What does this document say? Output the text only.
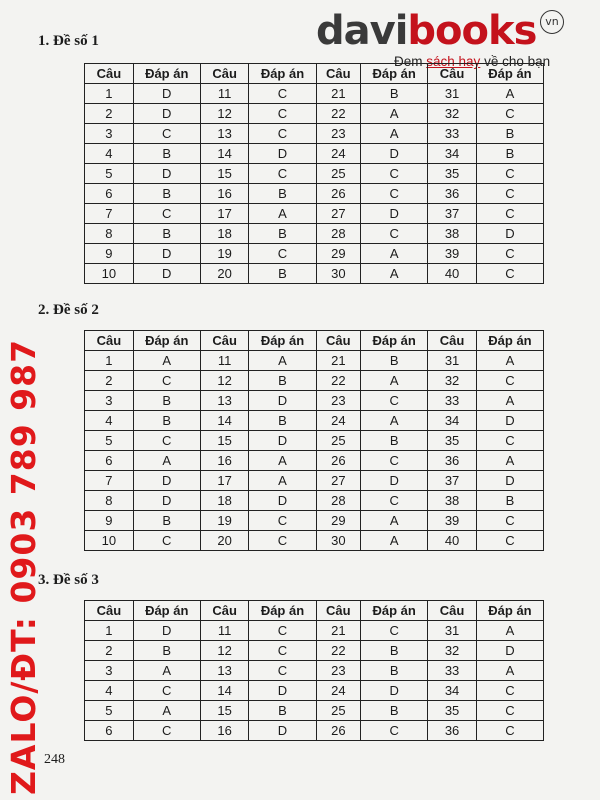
davibooks vn
Đem sách hay về cho bạn
1. Đề số 1
Câu	Đáp án	Câu	Đáp án	Câu	Đáp án	Câu	Đáp án
1	D	11	C	21	B	31	A
2	D	12	C	22	A	32	C
3	C	13	C	23	A	33	B
4	B	14	D	24	D	34	B
5	D	15	C	25	C	35	C
6	B	16	B	26	C	36	C
7	C	17	A	27	D	37	C
8	B	18	B	28	C	38	D
9	D	19	C	29	A	39	C
10	D	20	B	30	A	40	C
2. Đề số 2
Câu	Đáp án	Câu	Đáp án	Câu	Đáp án	Câu	Đáp án
1	A	11	A	21	B	31	A
2	C	12	B	22	A	32	C
3	B	13	D	23	C	33	A
4	B	14	B	24	A	34	D
5	C	15	D	25	B	35	C
6	A	16	A	26	C	36	A
7	D	17	A	27	D	37	D
8	D	18	D	28	C	38	B
9	B	19	C	29	A	39	C
10	C	20	C	30	A	40	C
3. Đề số 3
Câu	Đáp án	Câu	Đáp án	Câu	Đáp án	Câu	Đáp án
1	D	11	C	21	C	31	A
2	B	12	C	22	B	32	D
3	A	13	C	23	B	33	A
4	C	14	D	24	D	34	C
5	A	15	B	25	B	35	C
6	C	16	D	26	C	36	C
ZALO/ĐT: 0903 789 987 248
